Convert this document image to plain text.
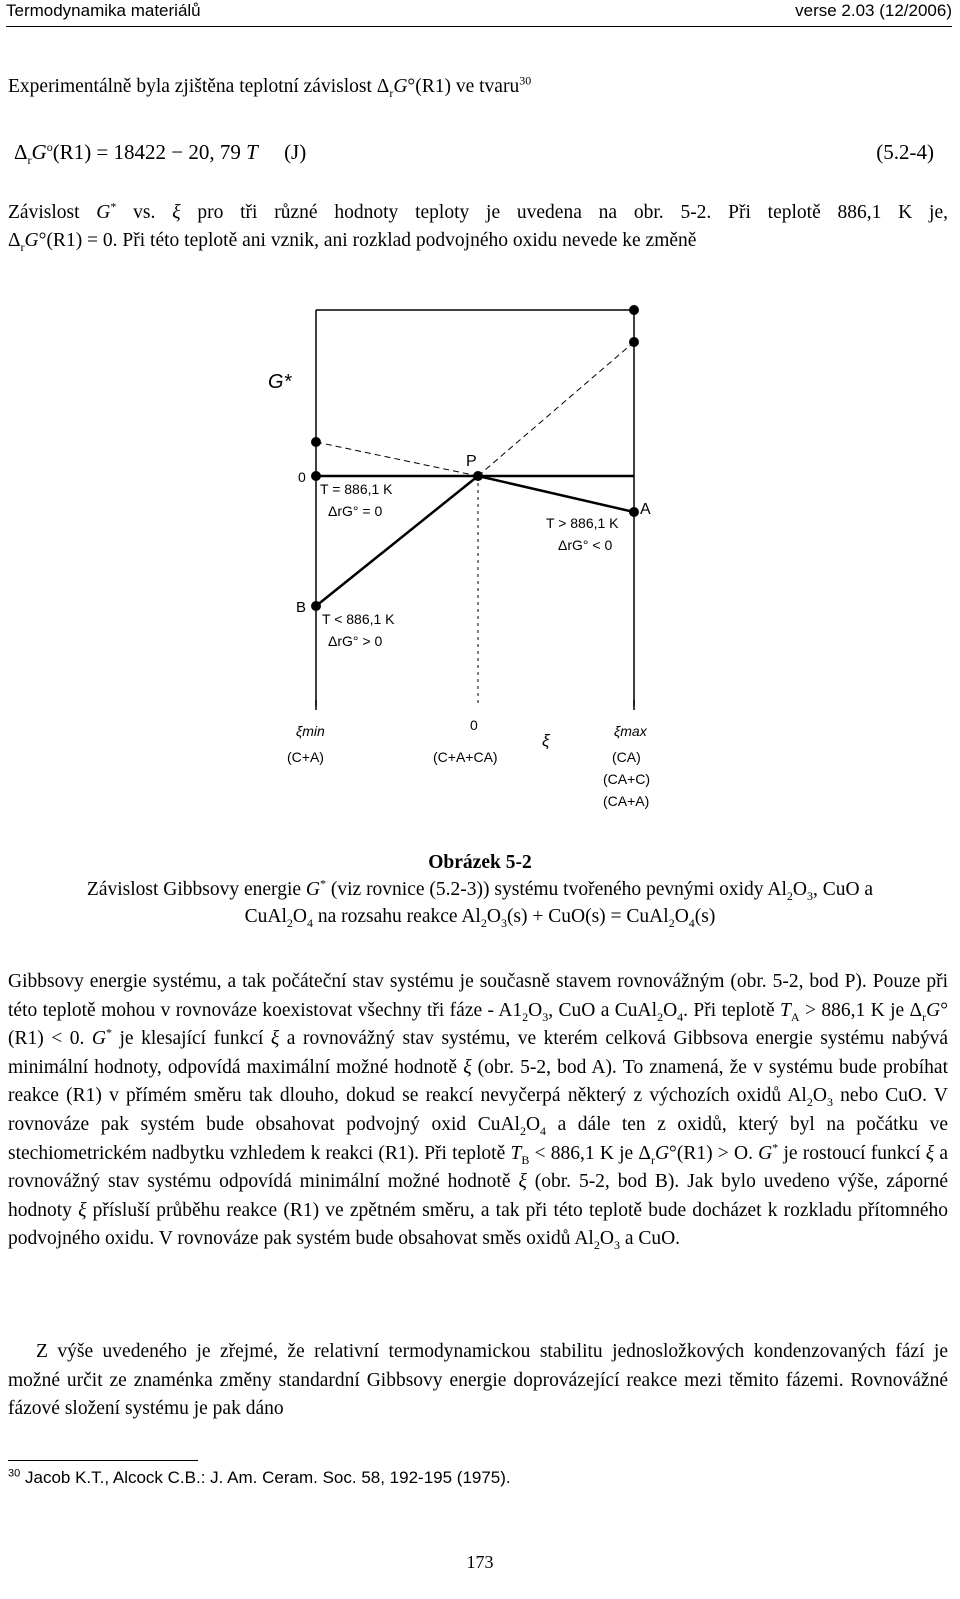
Termodynamika materiálů	verse 2.03 (12/2006)
Experimentálně byla zjištěna teplotní závislost $\Delta_rG^\circ(R1)$ ve tvaru$^{30}$
$\Delta_rG^o(R1) = 18422 - 20$, 79 T (J)	(5.2-4)
Závislost G* vs. ξ pro tři různé hodnoty teploty je uvedena na obr. 5-2. Při teplotě 886,1 K je,
$\Delta_rG^\circ(R1) = 0$. Při této teplotě ani vznik, ani rozklad podvojného oxidu nevede ke změně
G*
0
P
A
B
T = 886,1 K
ΔrG° = 0
T > 886,1 K
ΔrG° < 0
T < 886,1 K
ΔrG° > 0
ξmin	0
ξ	ξmax
(C+A)	(C+A+CA)	(CA)
(CA+C)
(CA+A)
Obrázek 5-2
Závislost Gibbsovy energie G* (viz rovnice (5.2-3)) systému tvořeného pevnými oxidy $Al_2O_3$, CuO a
$CuAl_2O_4$ na rozsahu reakce $Al_2O_3(s) + CuO(s)$ = $CuAl_2O_4(s)$
Gibbsovy energie systému, a tak počáteční stav systému je současně stavem rovnovážným (obr. 5-2, bod P). Pouze při této teplotě mohou v rovnováze koexistovat všechny tři fáze - $A1_2O_3$, CuO a $CuAl_2O_4$. Při teplotě $T_A > 886,1$ K je $\Delta_rG^\circ(R1) < 0$. G* je klesající funkcí ξ a rovnovážný stav systému, ve kterém celková Gibbsova energie systému nabývá minimální hodnoty, odpovídá maximální možné hodnotě ξ (obr. 5-2, bod A). To znamená, že v systému bude probíhat reakce (R1) v přímém směru tak dlouho, dokud se reakcí nevyčerpá některý z výchozích oxidů $Al_2O_3$ nebo CuO. V rovnováze pak systém bude obsahovat podvojný oxid $CuAl_2O_4$ a dále ten z oxidů, který byl na počátku ve stechiometrickém nadbytku vzhledem k reakci (R1). Při teplotě $T_B < 886,1$ K je $\Delta_rG^\circ(R1) > O$. G* je rostoucí funkcí ξ a rovnovážný stav systému odpovídá minimální možné hodnotě ξ (obr. 5-2, bod B). Jak bylo uvedeno výše, záporné hodnoty ξ přísluší průběhu reakce (R1) ve zpětném směru, a tak při této teplotě bude docházet k rozkladu přítomného podvojného oxidu. V rovnováze pak systém bude obsahovat směs oxidů $Al_2O_3$ a CuO.
Z výše uvedeného je zřejmé, že relativní termodynamickou stabilitu jednosložkových kondenzovaných fází je možné určit ze znaménka změny standardní Gibbsovy energie doprovázející reakce mezi těmito fázemi. Rovnovážné fázové složení systému je pak dáno
$^{30}$ Jacob K.T., Alcock C.B.: J. Am. Ceram. Soc. 58, 192-195 (1975).
173
